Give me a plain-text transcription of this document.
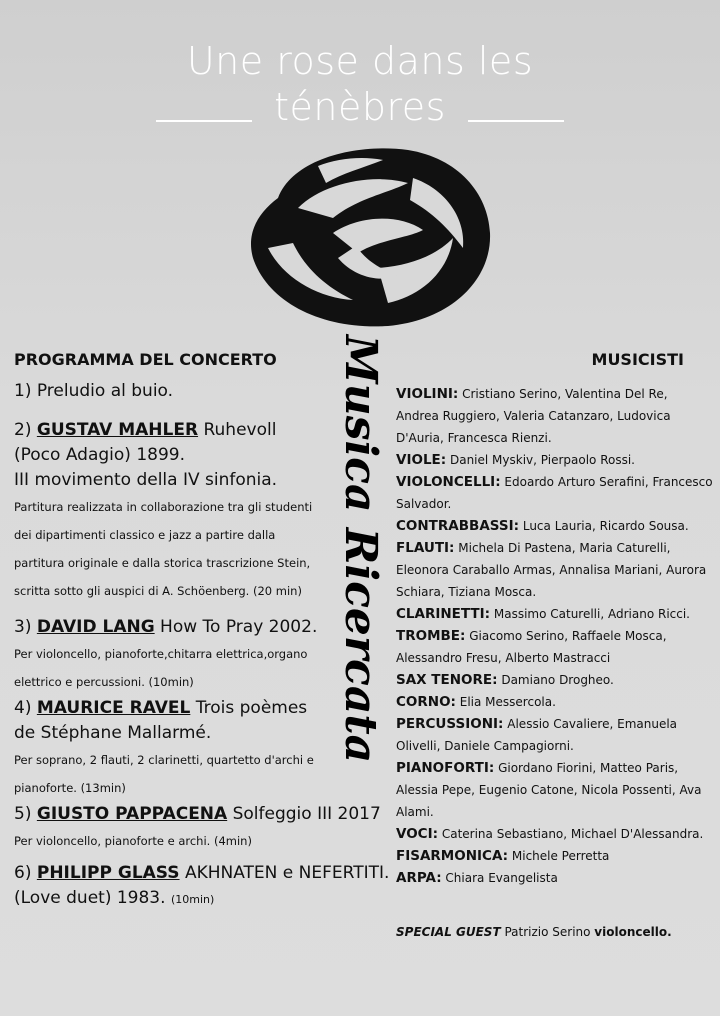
Une rose dans les
ténèbres
Musica Ricercata
PROGRAMMA DEL CONCERTO
1) Preludio al buio.
2) GUSTAV MAHLER Ruhevoll
(Poco Adagio) 1899.
III movimento della IV sinfonia.
Partitura realizzata in collaborazione tra gli studenti
dei dipartimenti classico e jazz a partire dalla
partitura originale e dalla storica trascrizione Stein,
scritta sotto gli auspici di A. Schöenberg. (20 min)
3) DAVID LANG How To Pray 2002.
Per violoncello, pianoforte,chitarra elettrica,organo
elettrico e percussioni. (10min)
4) MAURICE RAVEL Trois poèmes
de Stéphane Mallarmé.
Per soprano, 2 flauti, 2 clarinetti, quartetto d'archi e
pianoforte. (13min)
5) GIUSTO PAPPACENA Solfeggio III 2017
Per violoncello, pianoforte e archi. (4min)
6) PHILIPP GLASS AKHNATEN e NEFERTITI.
(Love duet) 1983. (10min)
MUSICISTI
VIOLINI: Cristiano Serino, Valentina Del Re, Andrea Ruggiero, Valeria Catanzaro, Ludovica D'Auria, Francesca Rienzi.
VIOLE: Daniel Myskiv, Pierpaolo Rossi.
VIOLONCELLI: Edoardo Arturo Serafini, Francesco Salvador.
CONTRABBASSI: Luca Lauria, Ricardo Sousa.
FLAUTI: Michela Di Pastena, Maria Caturelli, Eleonora Caraballo Armas, Annalisa Mariani, Aurora Schiara, Tiziana Mosca.
CLARINETTI: Massimo Caturelli, Adriano Ricci.
TROMBE: Giacomo Serino, Raffaele Mosca, Alessandro Fresu, Alberto Mastracci
SAX TENORE: Damiano Drogheo.
CORNO: Elia Messercola.
PERCUSSIONI: Alessio Cavaliere, Emanuela Olivelli, Daniele Campagiorni.
PIANOFORTI: Giordano Fiorini, Matteo Paris, Alessia Pepe, Eugenio Catone, Nicola Possenti, Ava Alami.
VOCI: Caterina Sebastiano, Michael D'Alessandra.
FISARMONICA: Michele Perretta
ARPA: Chiara Evangelista
SPECIAL GUEST Patrizio Serino violoncello.
